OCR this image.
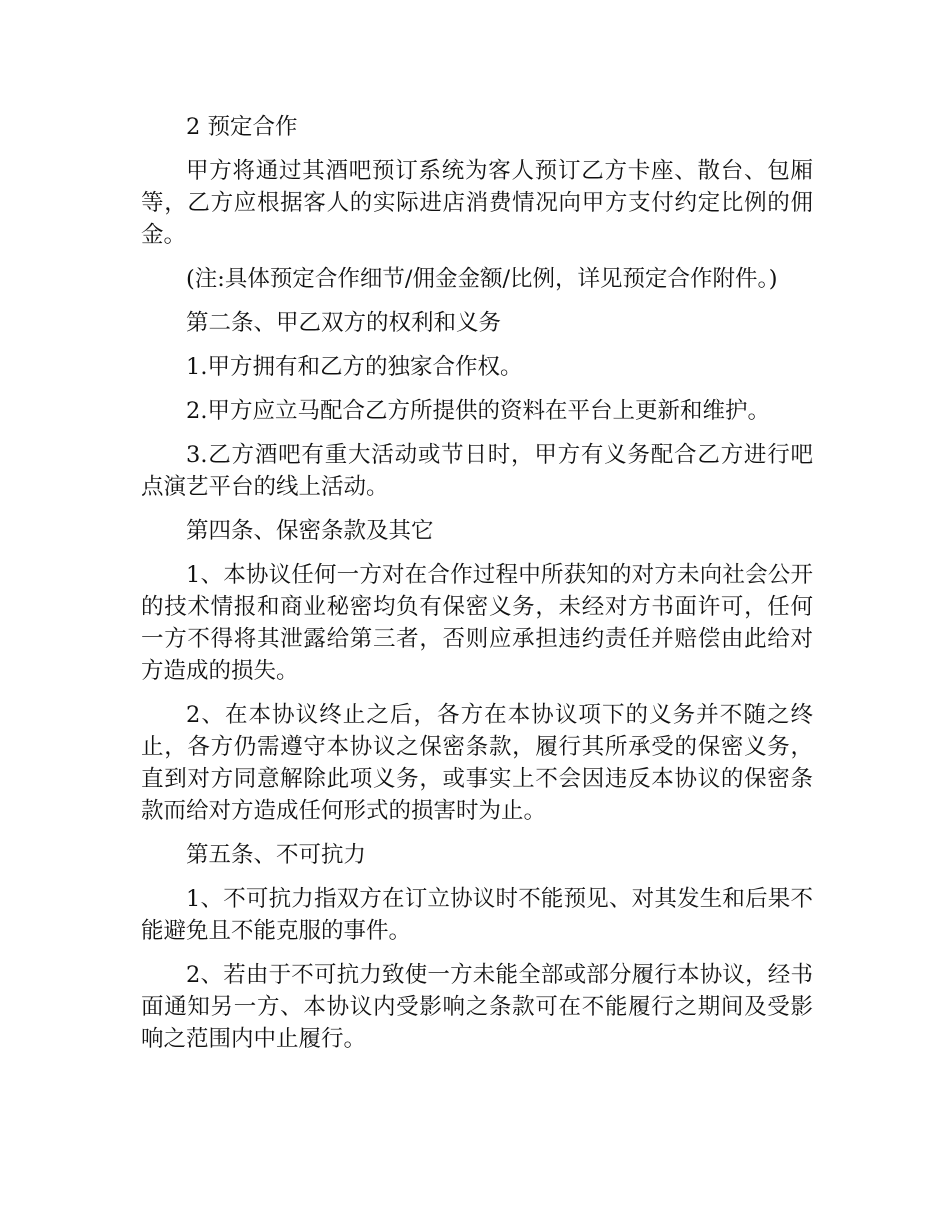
2 预定合作

甲方将通过其酒吧预订系统为客人预订乙方卡座、散台、包厢等，乙方应根据客人的实际进店消费情况向甲方支付约定比例的佣金。

(注:具体预定合作细节/佣金金额/比例，详见预定合作附件。)

第二条、甲乙双方的权利和义务

1.甲方拥有和乙方的独家合作权。

2.甲方应立马配合乙方所提供的资料在平台上更新和维护。

3.乙方酒吧有重大活动或节日时，甲方有义务配合乙方进行吧点演艺平台的线上活动。

第四条、保密条款及其它

1、本协议任何一方对在合作过程中所获知的对方未向社会公开的技术情报和商业秘密均负有保密义务，未经对方书面许可，任何一方不得将其泄露给第三者，否则应承担违约责任并赔偿由此给对方造成的损失。

2、在本协议终止之后，各方在本协议项下的义务并不随之终止，各方仍需遵守本协议之保密条款，履行其所承受的保密义务，直到对方同意解除此项义务，或事实上不会因违反本协议的保密条款而给对方造成任何形式的损害时为止。

第五条、不可抗力

1、不可抗力指双方在订立协议时不能预见、对其发生和后果不能避免且不能克服的事件。

2、若由于不可抗力致使一方未能全部或部分履行本协议，经书面通知另一方、本协议内受影响之条款可在不能履行之期间及受影响之范围内中止履行。
